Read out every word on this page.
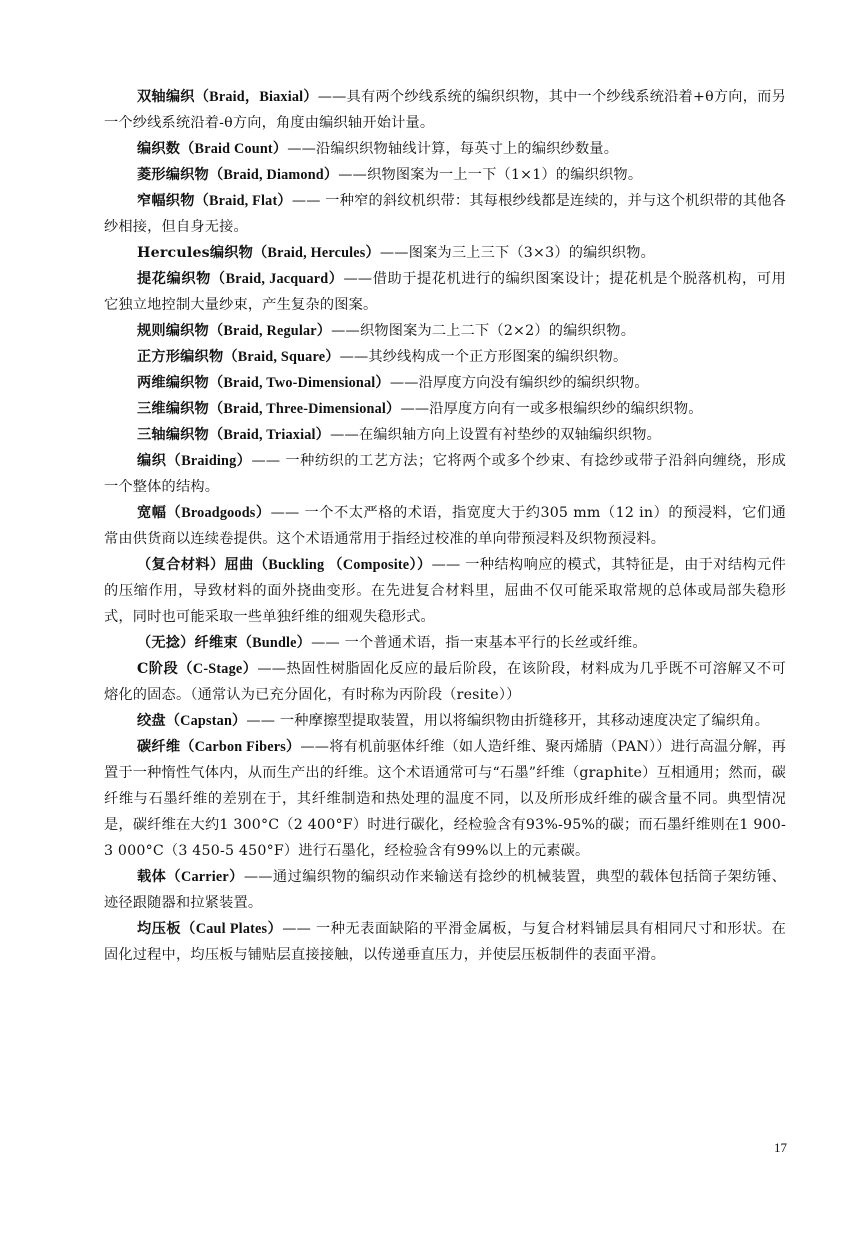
双轴编织（Braid，Biaxial）——具有两个纱线系统的编织织物，其中一个纱线系统沿着+θ方向，而另一个纱线系统沿着-θ方向，角度由编织轴开始计量。

编织数（Braid Count）——沿编织织物轴线计算，每英寸上的编织纱数量。

菱形编织物（Braid, Diamond）——织物图案为一上一下（1×1）的编织织物。

窄幅织物（Braid, Flat）—— 一种窄的斜纹机织带：其每根纱线都是连续的，并与这个机织带的其他各纱相接，但自身无接。

Hercules编织物（Braid, Hercules）——图案为三上三下（3×3）的编织织物。

提花编织物（Braid, Jacquard）——借助于提花机进行的编织图案设计；提花机是个脱落机构，可用它独立地控制大量纱束，产生复杂的图案。

规则编织物（Braid, Regular）——织物图案为二上二下（2×2）的编织织物。

正方形编织物（Braid, Square）——其纱线构成一个正方形图案的编织织物。

两维编织物（Braid, Two-Dimensional）——沿厚度方向没有编织纱的编织织物。

三维编织物（Braid, Three-Dimensional）——沿厚度方向有一或多根编织纱的编织织物。

三轴编织物（Braid, Triaxial）——在编织轴方向上设置有衬垫纱的双轴编织织物。

编织（Braiding）—— 一种纺织的工艺方法；它将两个或多个纱束、有捻纱或带子沿斜向缠绕，形成一个整体的结构。

宽幅（Broadgoods）—— 一个不太严格的术语，指宽度大于约305 mm（12 in）的预浸料，它们通常由供货商以连续卷提供。这个术语通常用于指经过校准的单向带预浸料及织物预浸料。

（复合材料）屈曲（Buckling （Composite））—— 一种结构响应的模式，其特征是，由于对结构元件的压缩作用，导致材料的面外挠曲变形。在先进复合材料里，屈曲不仅可能采取常规的总体或局部失稳形式，同时也可能采取一些单独纤维的细观失稳形式。

（无捻）纤维束（Bundle）—— 一个普通术语，指一束基本平行的长丝或纤维。

C阶段（C-Stage）——热固性树脂固化反应的最后阶段，在该阶段，材料成为几乎既不可溶解又不可熔化的固态。（通常认为已充分固化，有时称为丙阶段（resite））

绞盘（Capstan）—— 一种摩擦型提取装置，用以将编织物由折缝移开，其移动速度决定了编织角。

碳纤维（Carbon Fibers）——将有机前驱体纤维（如人造纤维、聚丙烯腈（PAN））进行高温分解，再置于一种惰性气体内，从而生产出的纤维。这个术语通常可与“石墨”纤维（graphite）互相通用；然而，碳纤维与石墨纤维的差别在于，其纤维制造和热处理的温度不同，以及所形成纤维的碳含量不同。典型情况是，碳纤维在大约1 300°C（2 400°F）时进行碳化，经检验含有93%-95%的碳；而石墨纤维则在1 900-3 000°C（3 450-5 450°F）进行石墨化，经检验含有99%以上的元素碳。

载体（Carrier）——通过编织物的编织动作来输送有捻纱的机械装置，典型的载体包括筒子架纺锤、迹径跟随器和拉紧装置。

均压板（Caul Plates）—— 一种无表面缺陷的平滑金属板，与复合材料铺层具有相同尺寸和形状。在固化过程中，均压板与铺贴层直接接触，以传递垂直压力，并使层压板制件的表面平滑。

17
